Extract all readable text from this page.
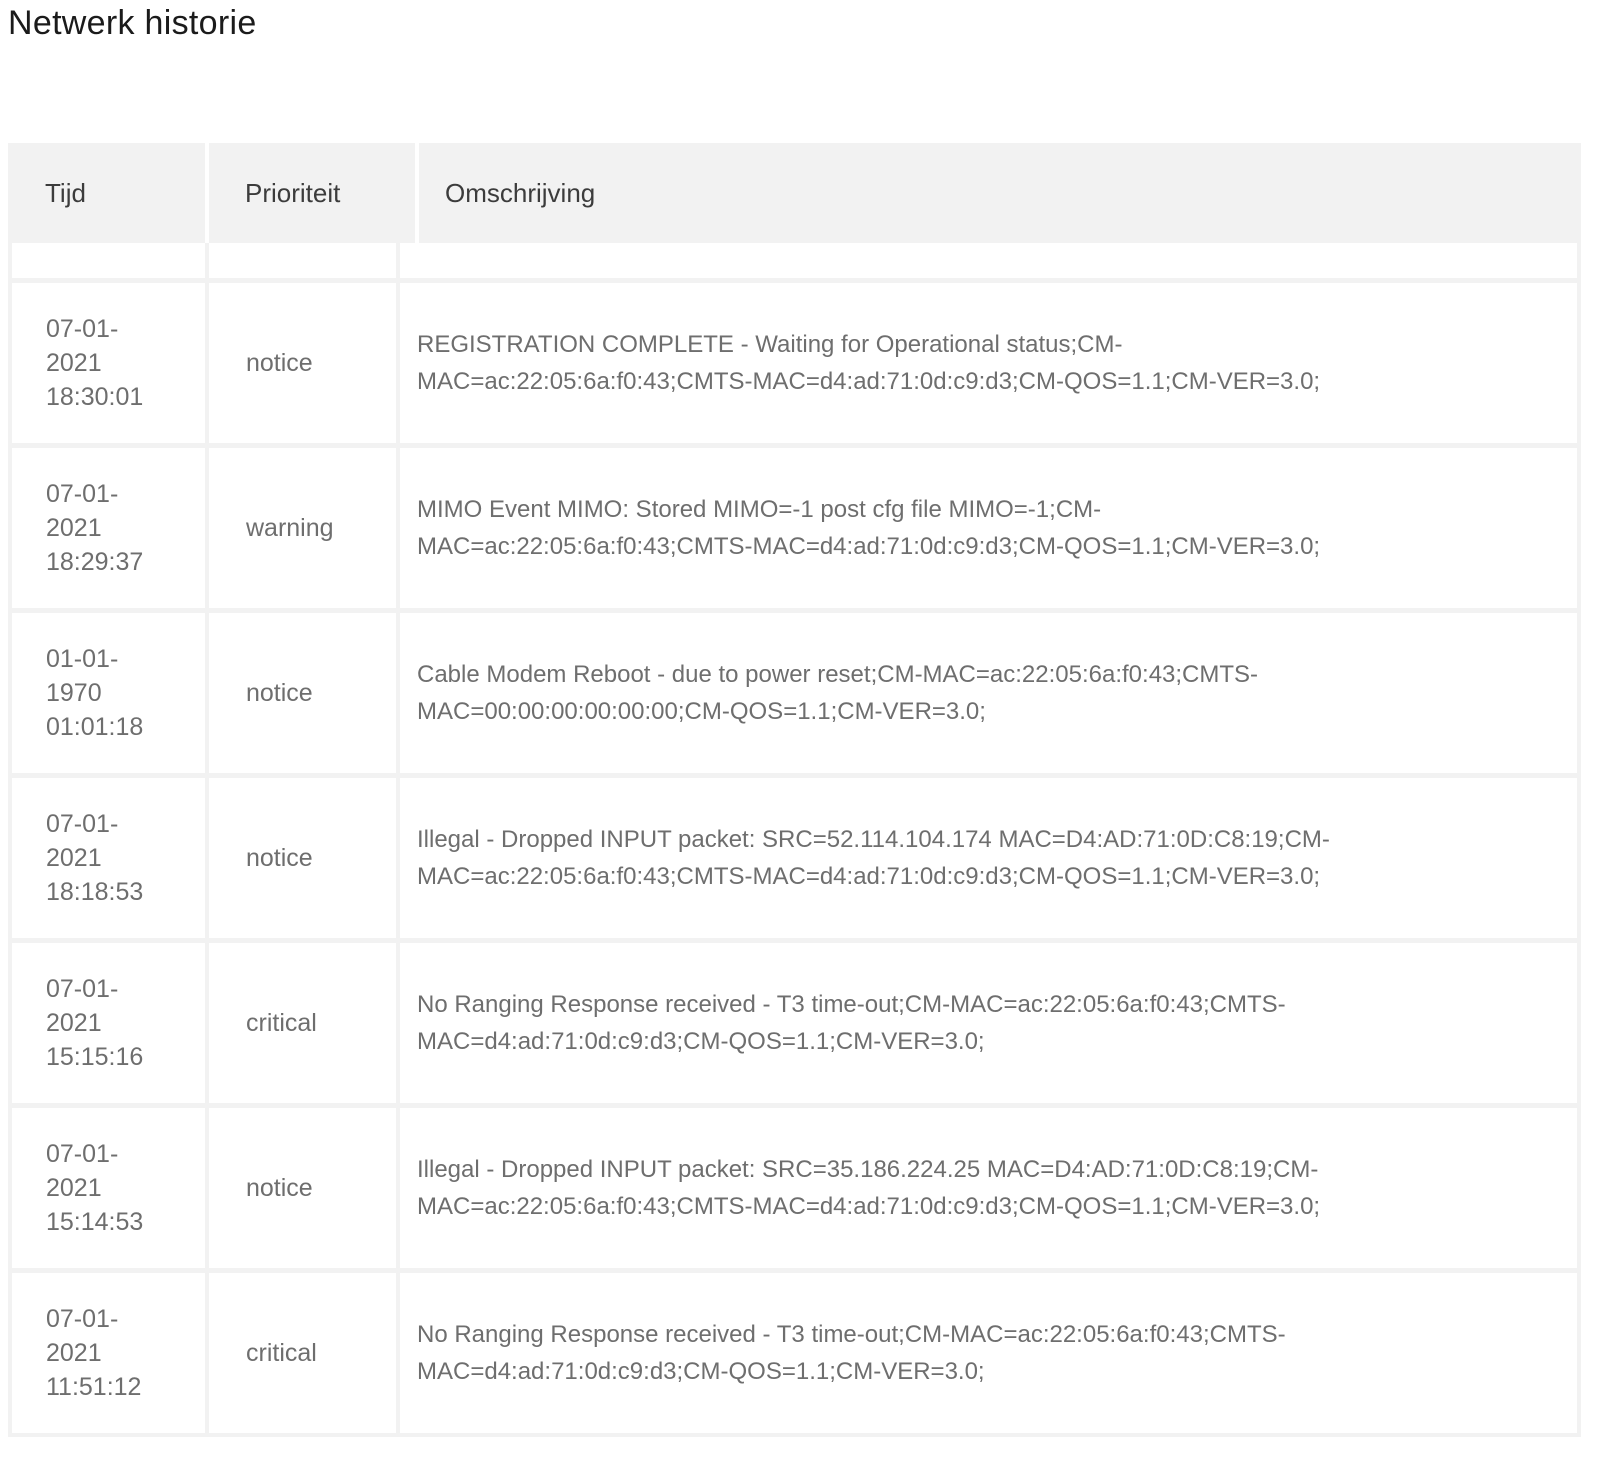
Netwerk historie
Tijd	Prioriteit	Omschrijving
07-01-2021 18:30:01
notice

REGISTRATION COMPLETE - Waiting for Operational status;CM-MAC=ac:22:05:6a:f0:43;CMTS-MAC=d4:ad:71:0d:c9:d3;CM-QOS=1.1;CM-VER=3.0;

07-01-2021 18:29:37
warning

MIMO Event MIMO: Stored MIMO=-1 post cfg file MIMO=-1;CM-MAC=ac:22:05:6a:f0:43;CMTS-MAC=d4:ad:71:0d:c9:d3;CM-QOS=1.1;CM-VER=3.0;

01-01-1970 01:01:18
notice

Cable Modem Reboot - due to power reset;CM-MAC=ac:22:05:6a:f0:43;CMTS-MAC=00:00:00:00:00:00;CM-QOS=1.1;CM-VER=3.0;

07-01-2021 18:18:53
notice

Illegal - Dropped INPUT packet: SRC=52.114.104.174 MAC=D4:AD:71:0D:C8:19;CM-MAC=ac:22:05:6a:f0:43;CMTS-MAC=d4:ad:71:0d:c9:d3;CM-QOS=1.1;CM-VER=3.0;

07-01-2021 15:15:16
critical

No Ranging Response received - T3 time-out;CM-MAC=ac:22:05:6a:f0:43;CMTS-MAC=d4:ad:71:0d:c9:d3;CM-QOS=1.1;CM-VER=3.0;

07-01-2021 15:14:53
notice

Illegal - Dropped INPUT packet: SRC=35.186.224.25 MAC=D4:AD:71:0D:C8:19;CM-MAC=ac:22:05:6a:f0:43;CMTS-MAC=d4:ad:71:0d:c9:d3;CM-QOS=1.1;CM-VER=3.0;

07-01-2021 11:51:12
critical

No Ranging Response received - T3 time-out;CM-MAC=ac:22:05:6a:f0:43;CMTS-MAC=d4:ad:71:0d:c9:d3;CM-QOS=1.1;CM-VER=3.0;
